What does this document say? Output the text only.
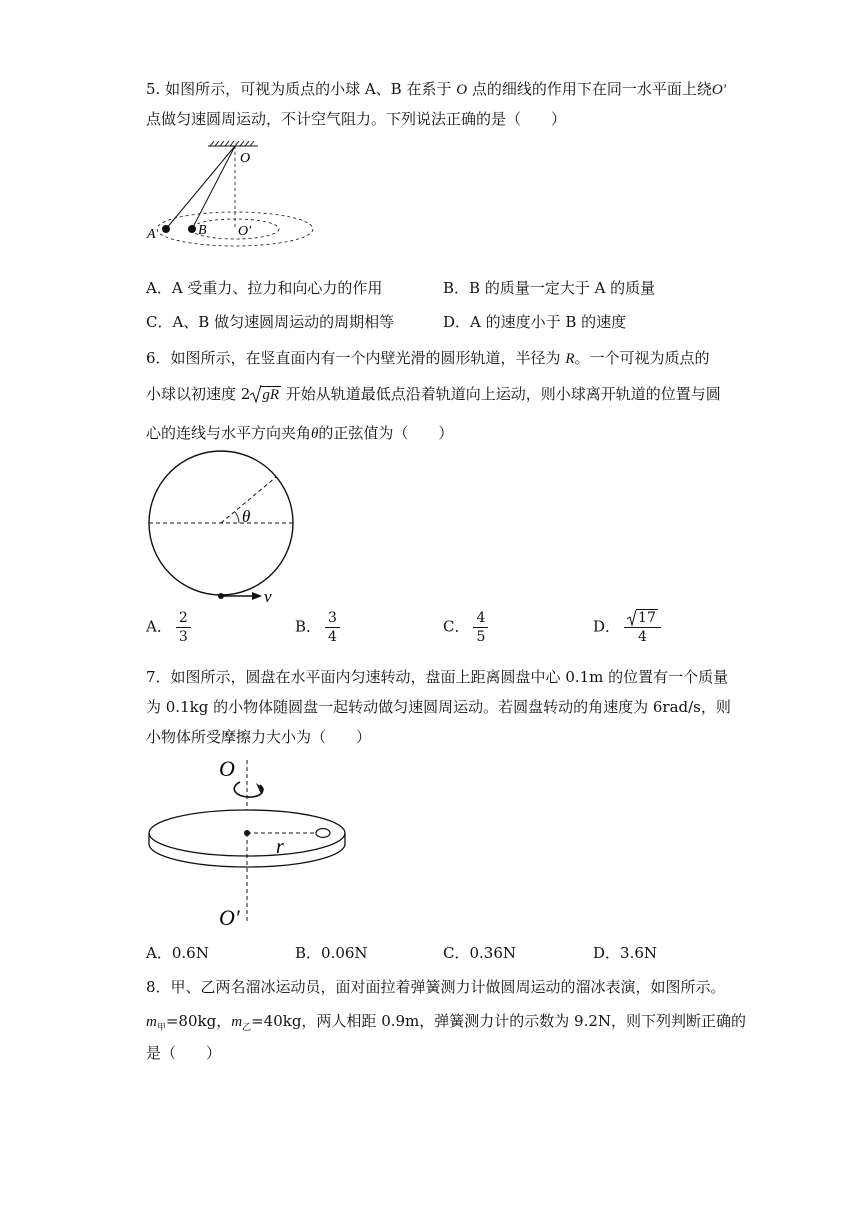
5. 如图所示，可视为质点的小球 A、B 在系于 O 点的细线的作用下在同一水平面上绕O′
点做匀速圆周运动，不计空气阻力。下列说法正确的是（　　）
O
A	B O′
A．A 受重力、拉力和向心力的作用	B．B 的质量一定大于 A 的质量
C．A、B 做匀速圆周运动的周期相等	D．A 的速度小于 B 的速度
6．如图所示，在竖直面内有一个内壁光滑的圆形轨道，半径为 R。一个可视为质点的
小球以初速度 2 gR 开始从轨道最低点沿着轨道向上运动，则小球离开轨道的位置与圆
心的连线与水平方向夹角θ的正弦值为（　　）
θ
v
A． $\frac{2}{3}$	B． $\frac{3}{4}$	C． $\frac{4}{5}$	D． $\frac{17}{4}$
7．如图所示，圆盘在水平面内匀速转动，盘面上距离圆盘中心 0.1m 的位置有一个质量
为 0.1kg 的小物体随圆盘一起转动做匀速圆周运动。若圆盘转动的角速度为 6rad/s，则
小物体所受摩擦力大小为（　　）
O
r
O′
A．0.6N	B．0.06N	C．0.36N	D．3.6N
8．甲、乙两名溜冰运动员，面对面拉着弹簧测力计做圆周运动的溜冰表演，如图所示。
$m_甲=80kg$，$m_乙=40kg$，两人相距 0.9m，弹簧测力计的示数为 9.2N，则下列判断正确的
是（　　）
